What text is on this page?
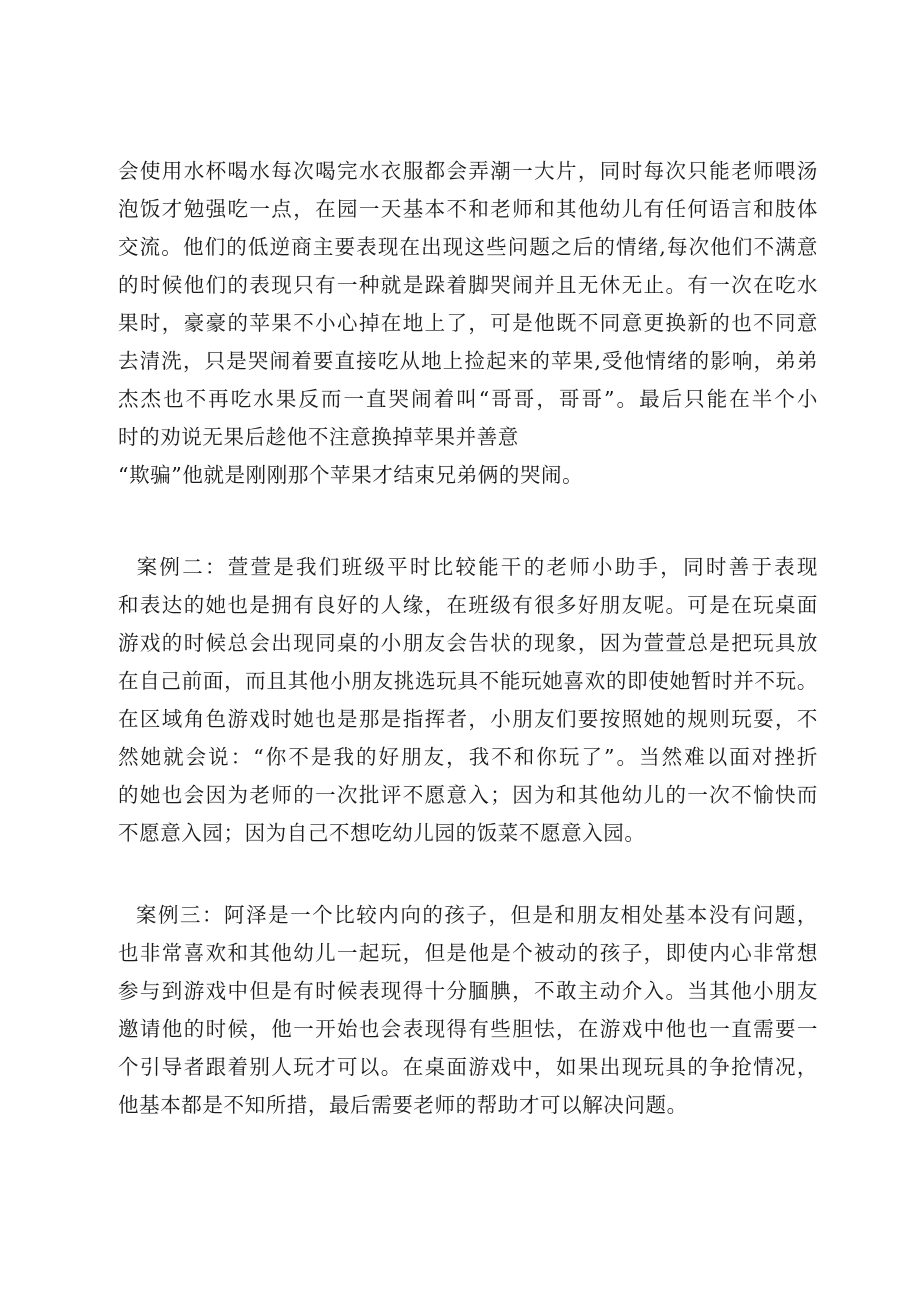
会使用水杯喝水每次喝完水衣服都会弄潮一大片，同时每次只能老师喂汤
泡饭才勉强吃一点，在园一天基本不和老师和其他幼儿有任何语言和肢体
交流。他们的低逆商主要表现在出现这些问题之后的情绪,每次他们不满意
的时候他们的表现只有一种就是跺着脚哭闹并且无休无止。有一次在吃水
果时，豪豪的苹果不小心掉在地上了，可是他既不同意更换新的也不同意
去清洗，只是哭闹着要直接吃从地上捡起来的苹果,受他情绪的影响，弟弟
杰杰也不再吃水果反而一直哭闹着叫“哥哥，哥哥”。最后只能在半个小
时的劝说无果后趁他不注意换掉苹果并善意
“欺骗”他就是刚刚那个苹果才结束兄弟俩的哭闹。
案例二：萱萱是我们班级平时比较能干的老师小助手，同时善于表现
和表达的她也是拥有良好的人缘，在班级有很多好朋友呢。可是在玩桌面
游戏的时候总会出现同桌的小朋友会告状的现象，因为萱萱总是把玩具放
在自己前面，而且其他小朋友挑选玩具不能玩她喜欢的即使她暂时并不玩。
在区域角色游戏时她也是那是指挥者，小朋友们要按照她的规则玩耍，不
然她就会说：“你不是我的好朋友，我不和你玩了”。当然难以面对挫折
的她也会因为老师的一次批评不愿意入；因为和其他幼儿的一次不愉快而
不愿意入园；因为自己不想吃幼儿园的饭菜不愿意入园。
案例三：阿泽是一个比较内向的孩子，但是和朋友相处基本没有问题，
也非常喜欢和其他幼儿一起玩，但是他是个被动的孩子，即使内心非常想
参与到游戏中但是有时候表现得十分腼腆，不敢主动介入。当其他小朋友
邀请他的时候，他一开始也会表现得有些胆怯，在游戏中他也一直需要一
个引导者跟着别人玩才可以。在桌面游戏中，如果出现玩具的争抢情况，
他基本都是不知所措，最后需要老师的帮助才可以解决问题。
